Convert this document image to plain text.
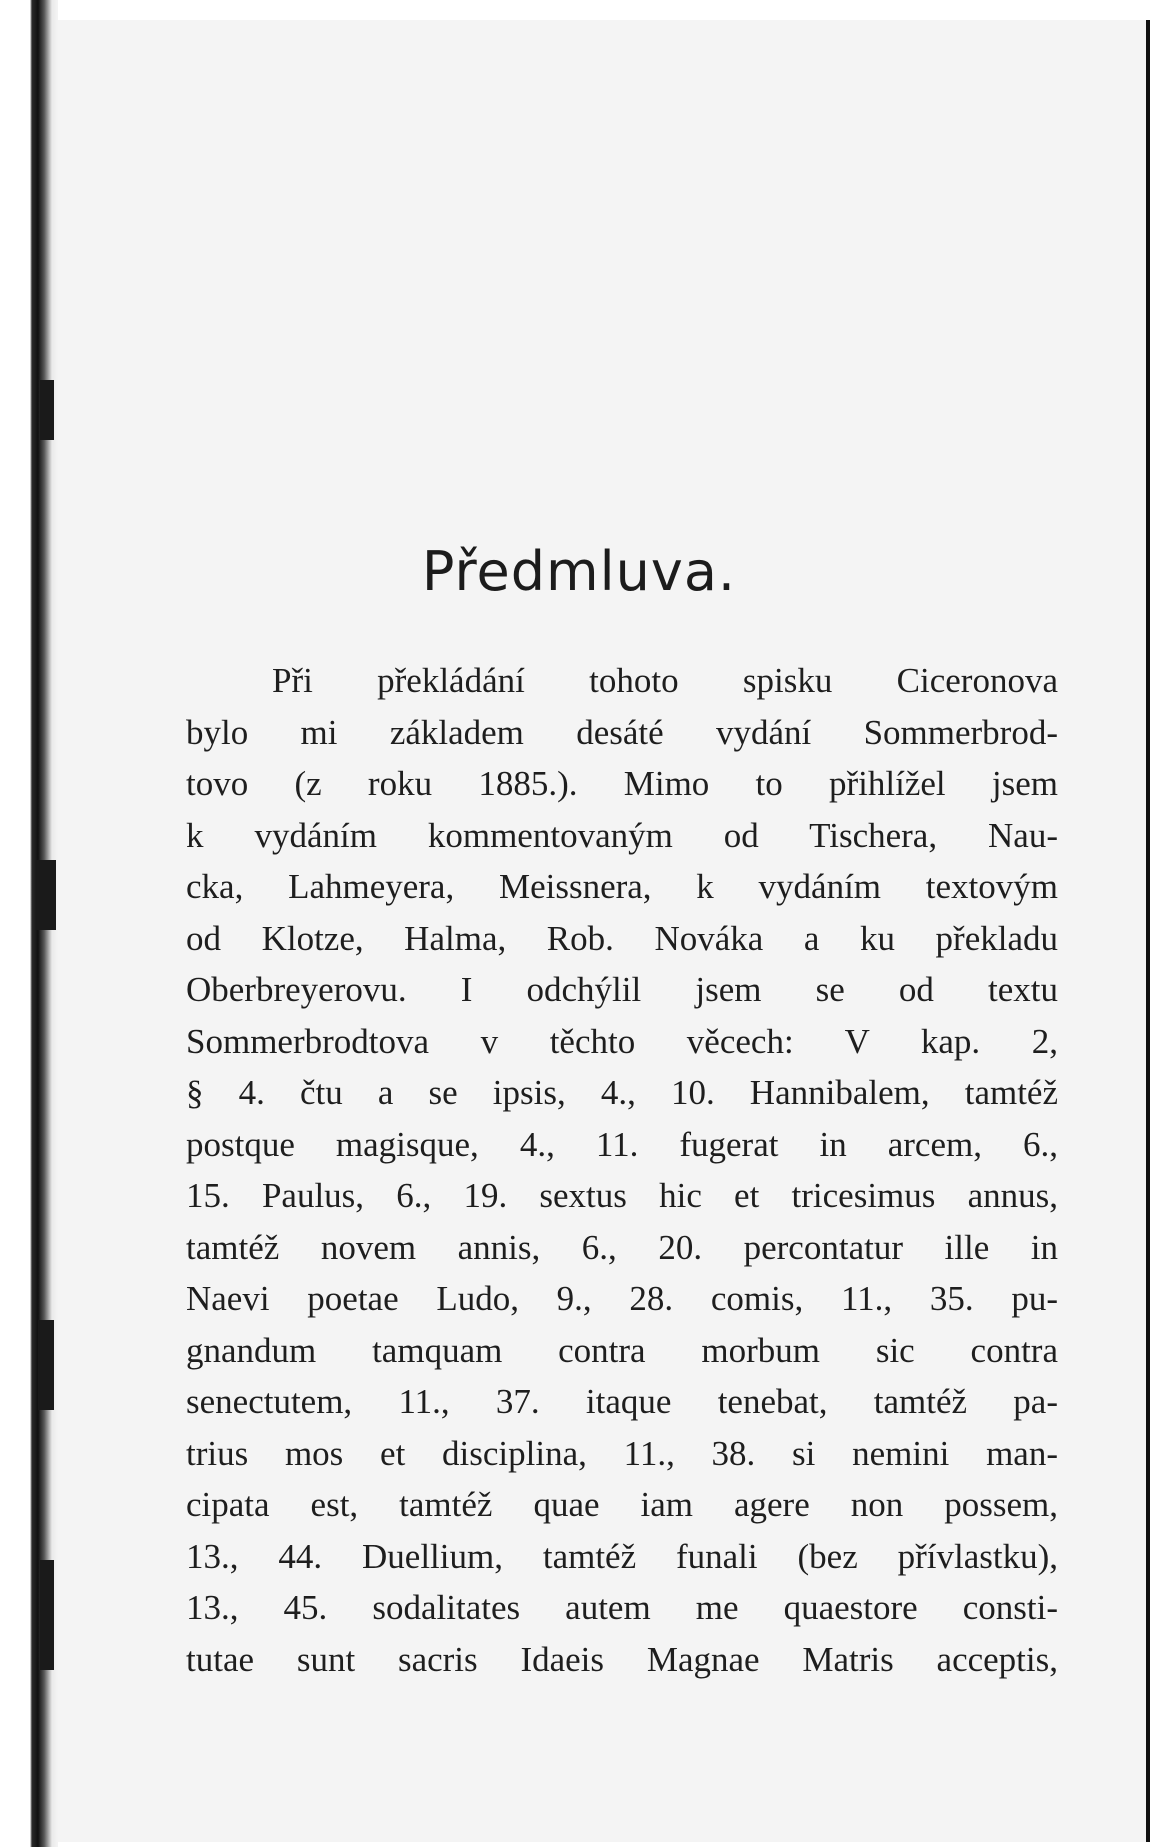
Předmluva.
Při překládání tohoto spisku Ciceronova
bylo mi základem desáté vydání Sommerbrod-
tovo (z roku 1885.). Mimo to přihlížel jsem
k vydáním kommentovaným od Tischera, Nau-
cka, Lahmeyera, Meissnera, k vydáním textovým
od Klotze, Halma, Rob. Nováka a ku překladu
Oberbreyerovu. I odchýlil jsem se od textu
Sommerbrodtova v těchto věcech: V kap. 2,
§ 4. čtu a se ipsis, 4., 10. Hannibalem, tamtéž
postque magisque, 4., 11. fugerat in arcem, 6.,
15. Paulus, 6., 19. sextus hic et tricesimus annus,
tamtéž novem annis, 6., 20. percontatur ille in
Naevi poetae Ludo, 9., 28. comis, 11., 35. pu-
gnandum tamquam contra morbum sic contra
senectutem, 11., 37. itaque tenebat, tamtéž pa-
trius mos et disciplina, 11., 38. si nemini man-
cipata est, tamtéž quae iam agere non possem,
13., 44. Duellium, tamtéž funali (bez přívlastku),
13., 45. sodalitates autem me quaestore consti-
tutae sunt sacris Idaeis Magnae Matris acceptis,
